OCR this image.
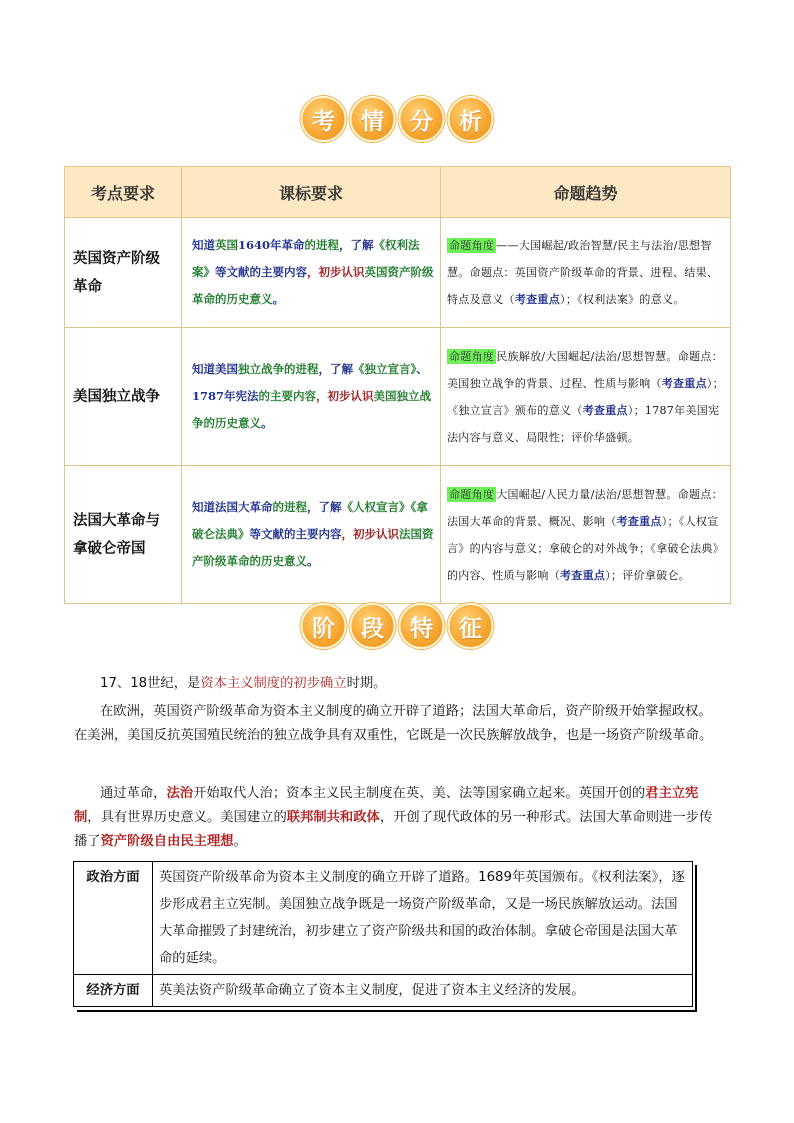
考	情	分	析
考点要求	课标要求	命题趋势
英国资产阶级革命	知道英国1640年革命的进程，了解《权利法案》等文献的主要内容，初步认识英国资产阶级革命的历史意义。	命题角度 ——大国崛起/政治智慧/民主与法治/思想智慧。命题点：英国资产阶级革命的背景、进程、结果、特点及意义（考查重点）；《权利法案》的意义。
美国独立战争	知道美国独立战争的进程，了解《独立宣言》、1787年宪法的主要内容，初步认识美国独立战争的历史意义。	命题角度 民族解放/大国崛起/法治/思想智慧。命题点：美国独立战争的背景、过程、性质与影响（考查重点）；《独立宣言》颁布的意义（考查重点）；1787年美国宪法内容与意义、局限性；评价华盛顿。
法国大革命与拿破仑帝国	知道法国大革命的进程，了解《人权宣言》《拿破仑法典》等文献的主要内容，初步认识法国资产阶级革命的历史意义。	命题角度 大国崛起/人民力量/法治/思想智慧。命题点：法国大革命的背景、概况、影响（考查重点）；《人权宣言》的内容与意义；拿破仑的对外战争；《拿破仑法典》的内容、性质与影响（考查重点）；评价拿破仑。
阶	段	特	征

17、18世纪，是资本主义制度的初步确立时期。

在欧洲，英国资产阶级革命为资本主义制度的确立开辟了道路；法国大革命后，资产阶级开始掌握政权。在美洲，美国反抗英国殖民统治的独立战争具有双重性，它既是一次民族解放战争，也是一场资产阶级革命。

通过革命，法治开始取代人治；资本主义民主制度在英、美、法等国家确立起来。英国开创的君主立宪制，具有世界历史意义。美国建立的联邦制共和政体，开创了现代政体的另一种形式。法国大革命则进一步传播了资产阶级自由民主理想。

政治方面	英国资产阶级革命为资本主义制度的确立开辟了道路。1689年英国颁布。《权利法案》，逐步形成君主立宪制。美国独立战争既是一场资产阶级革命，又是一场民族解放运动。法国大革命摧毁了封建统治，初步建立了资产阶级共和国的政治体制。拿破仑帝国是法国大革命的延续。
经济方面	英美法资产阶级革命确立了资本主义制度，促进了资本主义经济的发展。
